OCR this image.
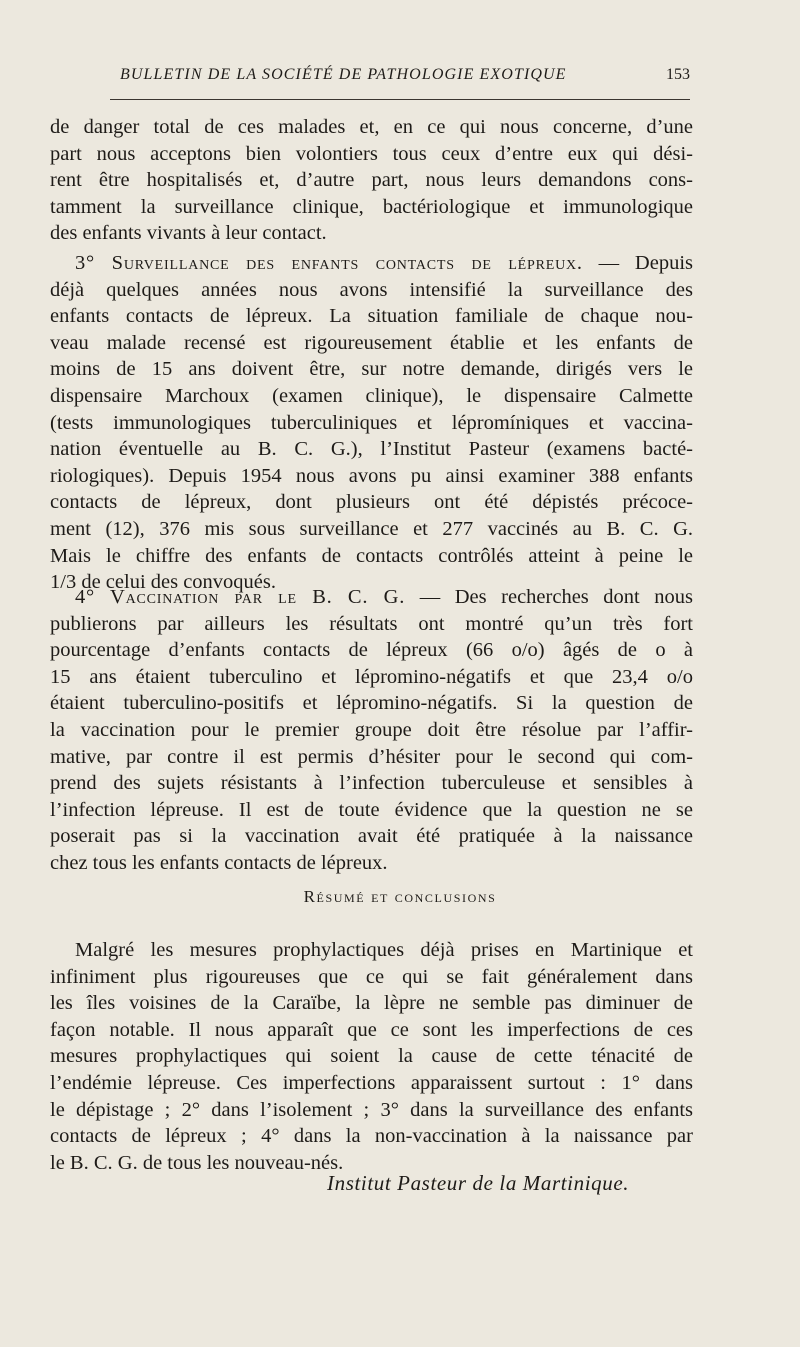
BULLETIN DE LA SOCIÉTÉ DE PATHOLOGIE EXOTIQUE	153
de danger total de ces malades et, en ce qui nous concerne, d’une
part nous acceptons bien volontiers tous ceux d’entre eux qui dési-
rent être hospitalisés et, d’autre part, nous leurs demandons cons-
tamment la surveillance clinique, bactériologique et immunologique
des enfants vivants à leur contact.
3° Surveillance des enfants contacts de lépreux. — Depuis
déjà quelques années nous avons intensifié la surveillance des
enfants contacts de lépreux. La situation familiale de chaque nou-
veau malade recensé est rigoureusement établie et les enfants de
moins de 15 ans doivent être, sur notre demande, dirigés vers le
dispensaire Marchoux (examen clinique), le dispensaire Calmette
(tests immunologiques tuberculiniques et lépromíniques et vaccina-
nation éventuelle au B. C. G.), l’Institut Pasteur (examens bacté-
riologiques). Depuis 1954 nous avons pu ainsi examiner 388 enfants
contacts de lépreux, dont plusieurs ont été dépistés précoce-
ment (12), 376 mis sous surveillance et 277 vaccinés au B. C. G.
Mais le chiffre des enfants de contacts contrôlés atteint à peine le
1/3 de celui des convoqués.
4° Vaccination par le B. C. G. — Des recherches dont nous
publierons par ailleurs les résultats ont montré qu’un très fort
pourcentage d’enfants contacts de lépreux (66 o/o) âgés de o à
15 ans étaient tuberculino et lépromino-négatifs et que 23,4 o/o
étaient tuberculino-positifs et lépromino-négatifs. Si la question de
la vaccination pour le premier groupe doit être résolue par l’affir-
mative, par contre il est permis d’hésiter pour le second qui com-
prend des sujets résistants à l’infection tuberculeuse et sensibles à
l’infection lépreuse. Il est de toute évidence que la question ne se
poserait pas si la vaccination avait été pratiquée à la naissance
chez tous les enfants contacts de lépreux.
Résumé et conclusions
Malgré les mesures prophylactiques déjà prises en Martinique et
infiniment plus rigoureuses que ce qui se fait généralement dans
les îles voisines de la Caraïbe, la lèpre ne semble pas diminuer de
façon notable. Il nous apparaît que ce sont les imperfections de ces
mesures prophylactiques qui soient la cause de cette ténacité de
l’endémie lépreuse. Ces imperfections apparaissent surtout : 1° dans
le dépistage ; 2° dans l’isolement ; 3° dans la surveillance des enfants
contacts de lépreux ; 4° dans la non-vaccination à la naissance par
le B. C. G. de tous les nouveau-nés.
Institut Pasteur de la Martinique.
